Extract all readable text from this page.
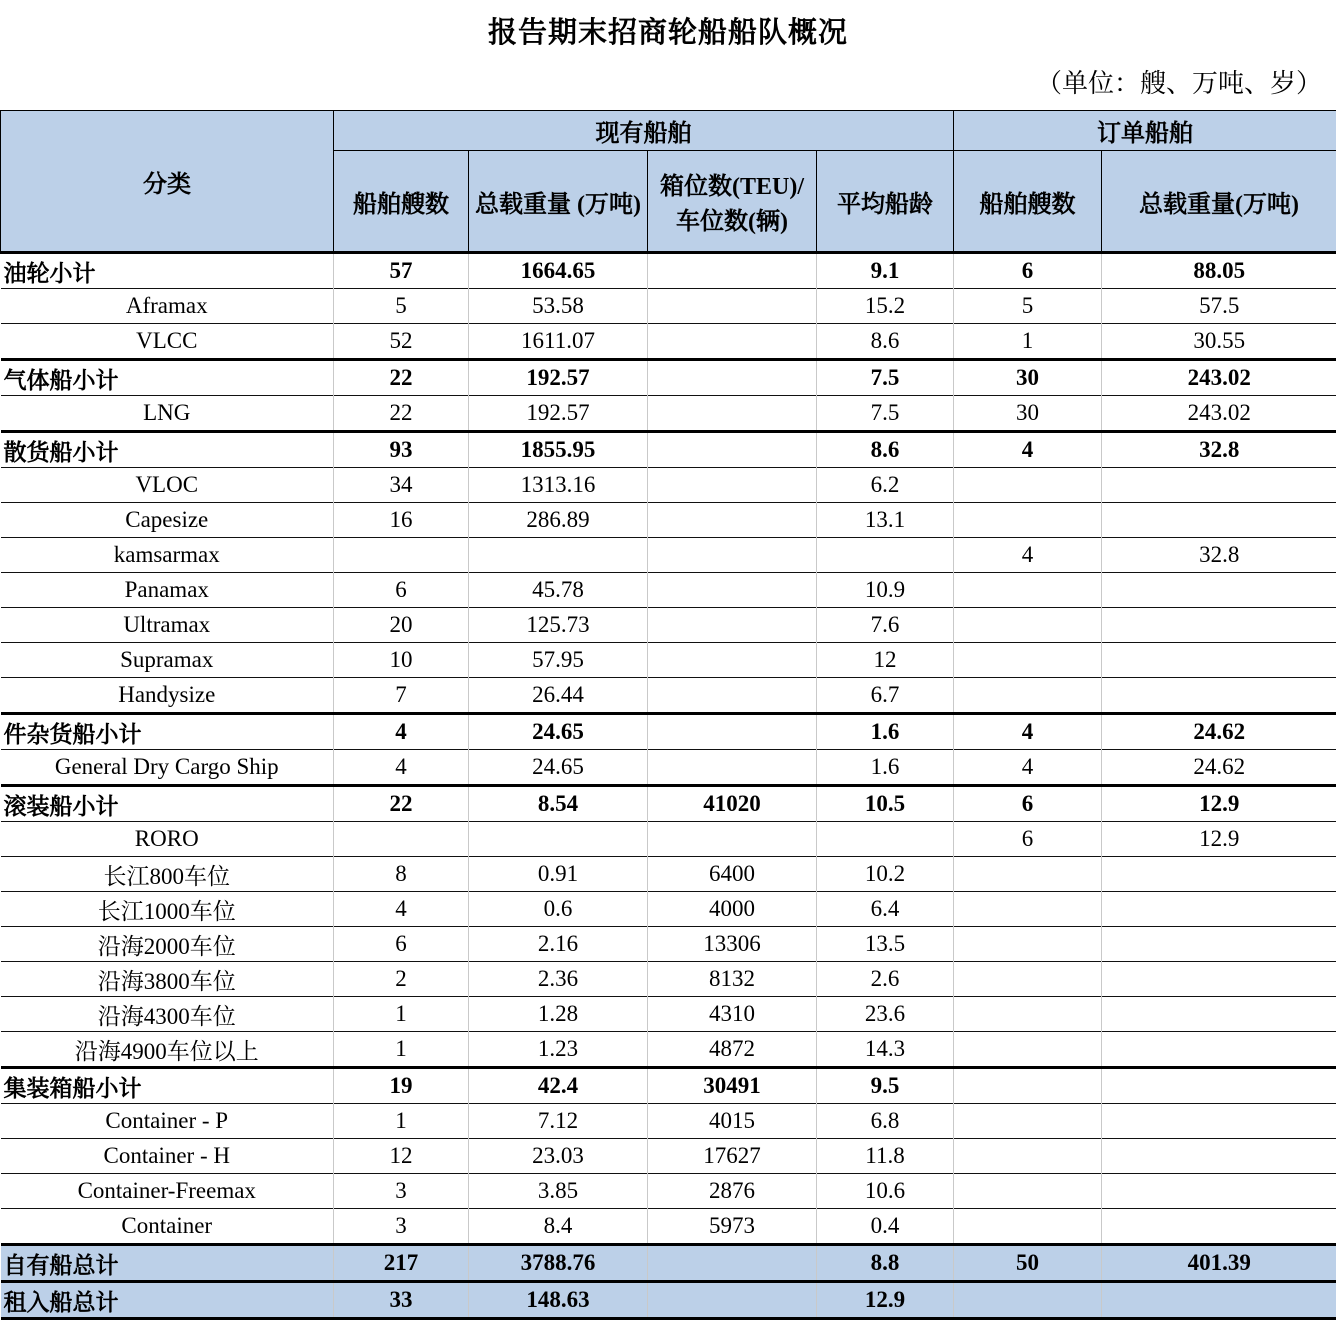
报告期末招商轮船船队概况
（单位：艘、万吨、岁）
分类	现有船舶				订单船舶	
	船舶艘数	总载重量 (万吨)	箱位数(TEU)/车位数(辆)	平均船龄	船舶艘数	总载重量(万吨)
油轮小计	57	1664.65		9.1	6	88.05
Aframax	5	53.58		15.2	5	57.5
VLCC	52	1611.07		8.6	1	30.55
气体船小计	22	192.57		7.5	30	243.02
LNG	22	192.57		7.5	30	243.02
散货船小计	93	1855.95		8.6	4	32.8
VLOC	34	1313.16		6.2		
Capesize	16	286.89		13.1		
kamsarmax					4	32.8
Panamax	6	45.78		10.9		
Ultramax	20	125.73		7.6		
Supramax	10	57.95		12		
Handysize	7	26.44		6.7		
件杂货船小计	4	24.65		1.6	4	24.62
General Dry Cargo Ship	4	24.65		1.6	4	24.62
滚装船小计	22	8.54	41020	10.5	6	12.9
RORO					6	12.9
长江800车位	8	0.91	6400	10.2		
长江1000车位	4	0.6	4000	6.4		
沿海2000车位	6	2.16	13306	13.5		
沿海3800车位	2	2.36	8132	2.6		
沿海4300车位	1	1.28	4310	23.6		
沿海4900车位以上	1	1.23	4872	14.3		
集装箱船小计	19	42.4	30491	9.5		
Container - P	1	7.12	4015	6.8		
Container - H	12	23.03	17627	11.8		
Container-Freemax	3	3.85	2876	10.6		
Container	3	8.4	5973	0.4		
自有船总计	217	3788.76		8.8	50	401.39
租入船总计	33	148.63		12.9		
